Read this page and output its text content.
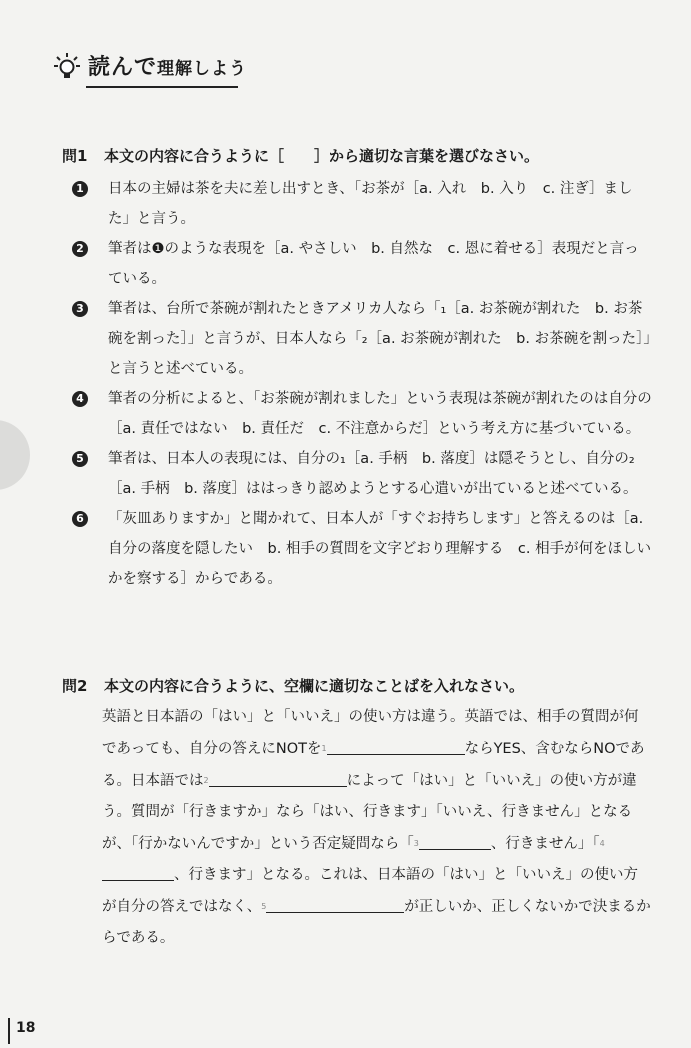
読んで理解しよう
問1	本文の内容に合うように［　　］から適切な言葉を選びなさい。
1 日本の主婦は茶を夫に差し出すとき、「お茶が［a. 入れ　b. 入り　c. 注ぎ］ました」と言う。
2 筆者は❶のような表現を［a. やさしい　b. 自然な　c. 恩に着せる］表現だと言っている。
3 筆者は、台所で茶碗が割れたときアメリカ人なら「₁［a. お茶碗が割れた　b. お茶碗を割った］」と言うが、日本人なら「₂［a. お茶碗が割れた　b. お茶碗を割った］」と言うと述べている。
4 筆者の分析によると、「お茶碗が割れました」という表現は茶碗が割れたのは自分の［a. 責任ではない　b. 責任だ　c. 不注意からだ］という考え方に基づいている。
5 筆者は、日本人の表現には、自分の₁［a. 手柄　b. 落度］は隠そうとし、自分の₂［a. 手柄　b. 落度］ははっきり認めようとする心遣いが出ていると述べている。
6 「灰皿ありますか」と聞かれて、日本人が「すぐお持ちします」と答えるのは［a. 自分の落度を隠したい　b. 相手の質問を文字どおり理解する　c. 相手が何をほしいかを察する］からである。
問2	本文の内容に合うように、空欄に適切なことばを入れなさい。
英語と日本語の「はい」と「いいえ」の使い方は違う。英語では、相手の質問が何であっても、自分の答えにNOTを$^1$	ならYES、含むならNOである。日本語では$^2$	によって「はい」と「いいえ」の使い方が違う。質問が「行きますか」なら「はい、行きます」「いいえ、行きません」となるが、「行かないんですか」という否定疑問なら「$^3$	、行きません」「$^4$、行きます」となる。これは、日本語の「はい」と「いいえ」の使い方が自分の答えではなく、$^5$	が正しいか、正しくないかで決まるからである。
18
